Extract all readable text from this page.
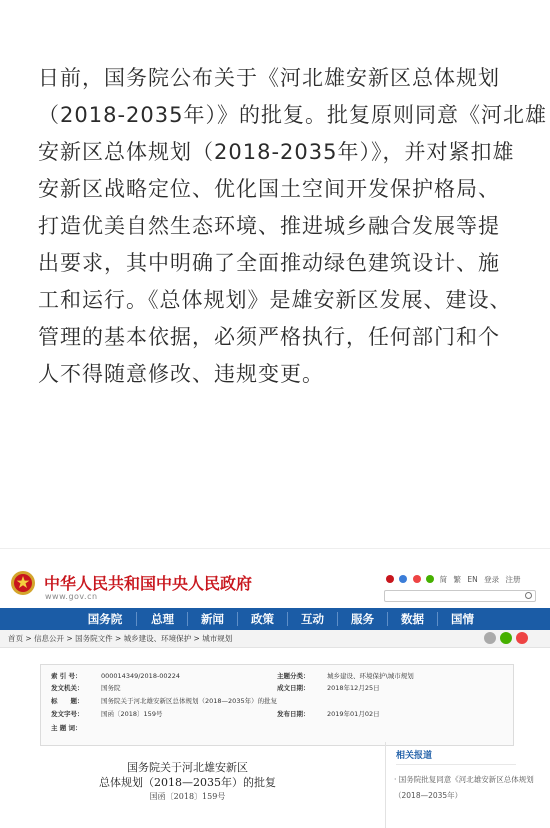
日前，国务院公布关于《河北雄安新区总体规划
（2018-2035年）》的批复。批复原则同意《河北雄
安新区总体规划（2018-2035年）》，并对紧扣雄
安新区战略定位、优化国土空间开发保护格局、
打造优美自然生态环境、推进城乡融合发展等提
出要求，其中明确了全面推动绿色建筑设计、施
工和运行。《总体规划》是雄安新区发展、建设、
管理的基本依据，必须严格执行，任何部门和个
人不得随意修改、违规变更。
中华人民共和国中央人民政府
www.gov.cn
简 繁 EN 登录 注册
国务院	总理	新闻	政策	互动	服务	数据	国情
首页 > 信息公开 > 国务院文件 > 城乡建设、环境保护 > 城市规划
索 引 号：	000014349/2018-00224	主题分类：	城乡建设、环境保护\城市规划
发文机关：	国务院	成文日期：	2018年12月25日
标　　题：	国务院关于河北雄安新区总体规划（2018—2035年）的批复
发文字号：	国函〔2018〕159号	发布日期：	2019年01月02日
主 题 词：
国务院关于河北雄安新区
总体规划（2018—2035年）的批复
国函〔2018〕159号
相关报道
· 国务院批复同意《河北雄安新区总体规划（2018—2035年）
